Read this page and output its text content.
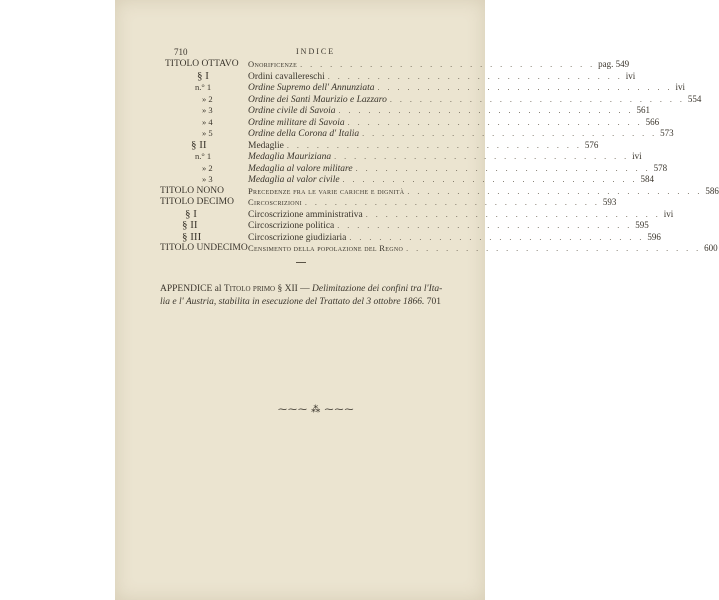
710	INDICE
TITOLO OTTAVO Onorificenze . . . . . . . . . . . . . . . . . . . . . . . . . . . . . . pag. 549
§ I	Ordini cavallereschi . . . . . . . . . . . . . . . . . . . . . . . . . . . . . . ivi
n.° 1	Ordine Supremo dell' Annunziata . . . . . . . . . . . . . . . . . . . . . . . . . . . . . . ivi
» 2	Ordine dei Santi Maurizio e Lazzaro . . . . . . . . . . . . . . . . . . . . . . . . . . . . . . 554
» 3	Ordine civile di Savoia . . . . . . . . . . . . . . . . . . . . . . . . . . . . . . 561
» 4	Ordine militare di Savoia . . . . . . . . . . . . . . . . . . . . . . . . . . . . . . 566
» 5	Ordine della Corona d' Italia . . . . . . . . . . . . . . . . . . . . . . . . . . . . . . 573
§ II	Medaglie . . . . . . . . . . . . . . . . . . . . . . . . . . . . . . 576
n.° 1	Medaglia Mauriziana . . . . . . . . . . . . . . . . . . . . . . . . . . . . . . ivi
» 2	Medaglia al valore militare . . . . . . . . . . . . . . . . . . . . . . . . . . . . . . 578
» 3	Medaglia al valor civile . . . . . . . . . . . . . . . . . . . . . . . . . . . . . . 584
TITOLO NONO	Precedenze fra le varie cariche e dignità . . . . . . . . . . . . . . . . . . . . . . . . . . . . . . 586
TITOLO DECIMO Circoscrizioni . . . . . . . . . . . . . . . . . . . . . . . . . . . . . . 593
§ I	Circoscrizione amministrativa . . . . . . . . . . . . . . . . . . . . . . . . . . . . . . ivi
§ II	Circoscrizione politica . . . . . . . . . . . . . . . . . . . . . . . . . . . . . . 595
§ III	Circoscrizione giudiziaria . . . . . . . . . . . . . . . . . . . . . . . . . . . . . . 596
TITOLO UNDECIMO Censimento della popolazione del Regno . . . . . . . . . . . . . . . . . . . . . . . . . . . . . . 600
APPENDICE al Titolo primo § XII — Delimitazione dei confini tra l'Ita-
lia e l' Austria, stabilita in esecuzione del Trattato del 3 ottobre 1866. 701
⁓⁓⁓ ⁂ ⁓⁓⁓
